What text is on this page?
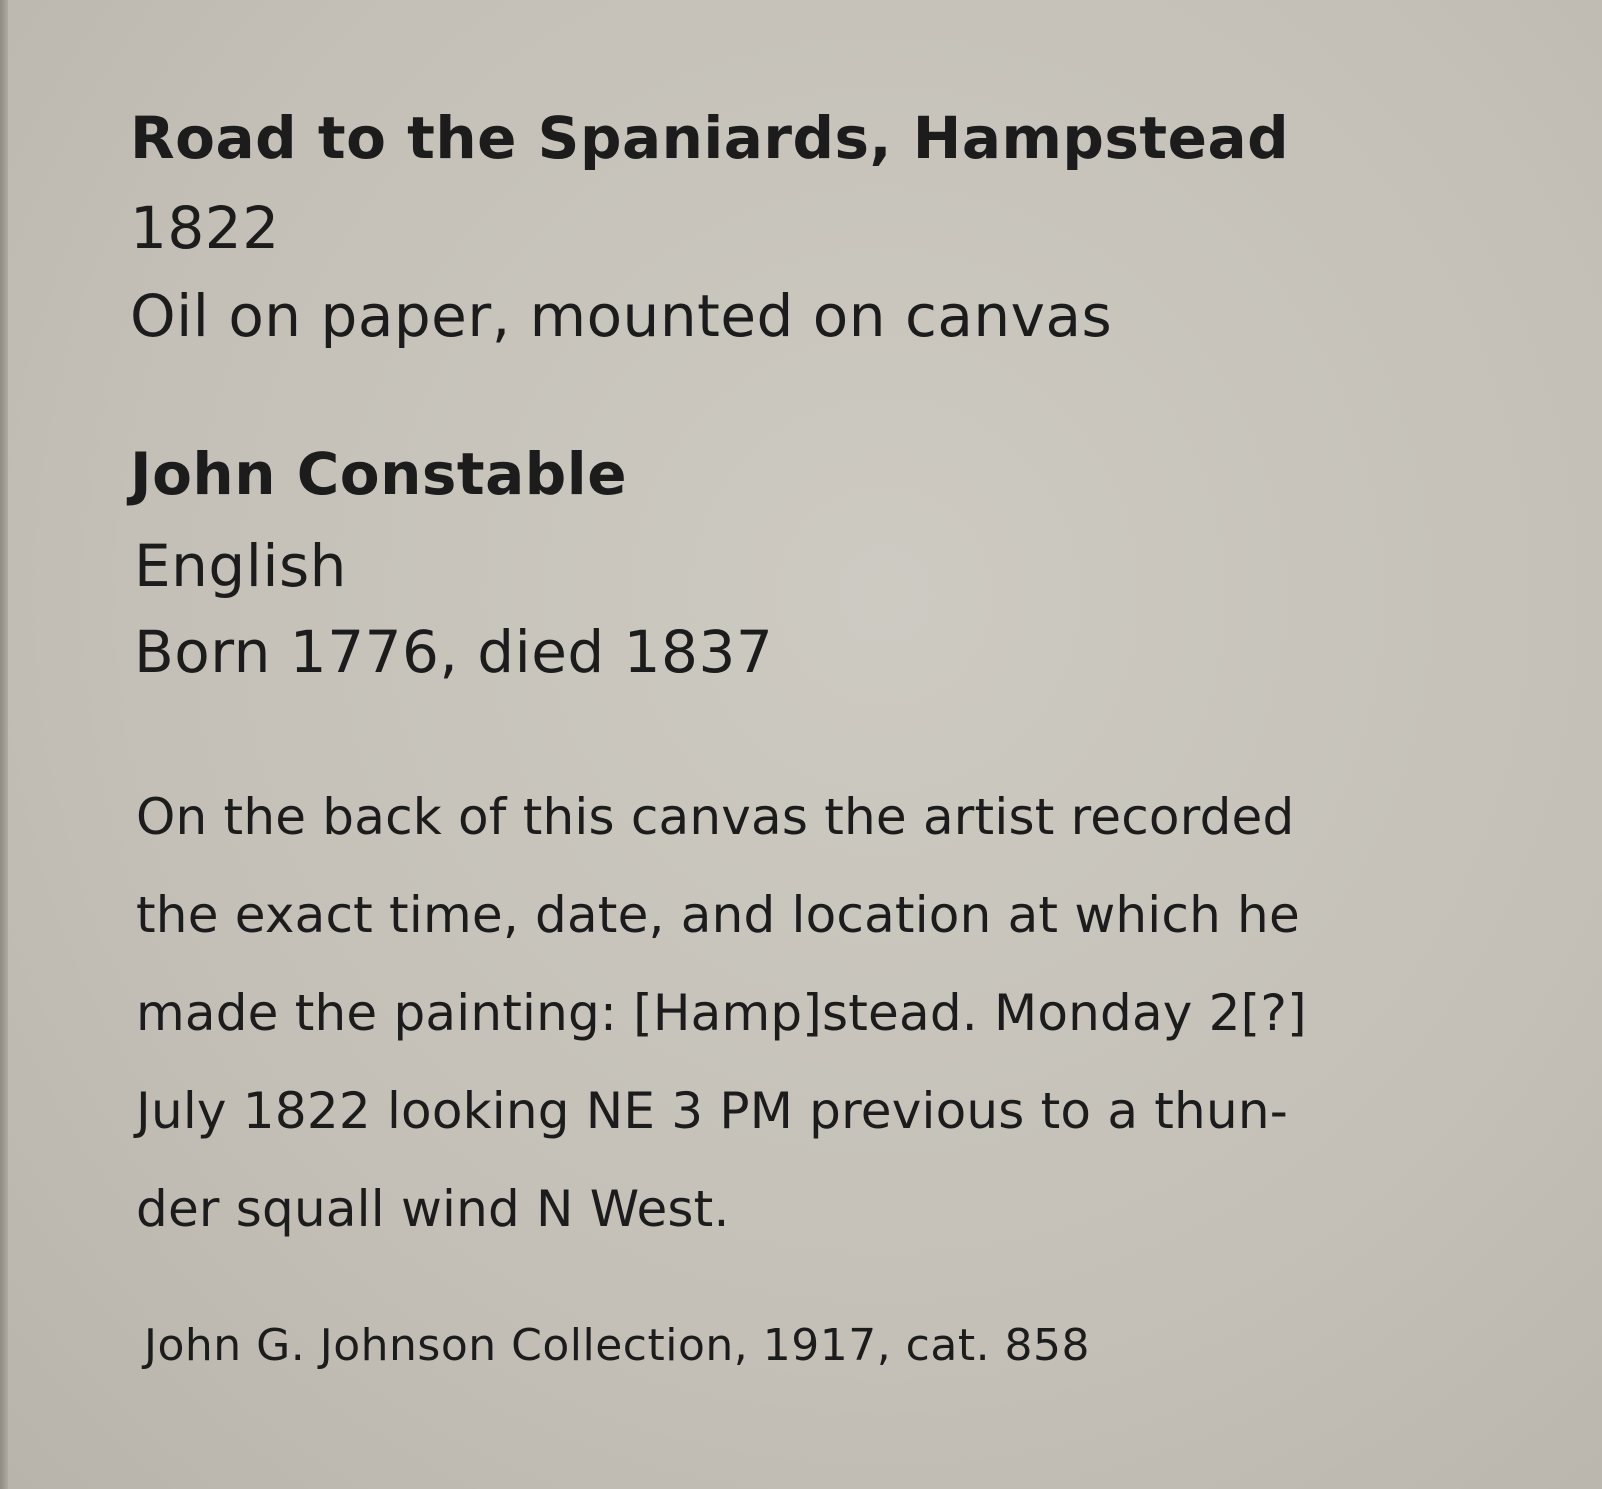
Road to the Spaniards, Hampstead
1822
Oil on paper, mounted on canvas
John Constable
English
Born 1776, died 1837

On the back of this canvas the artist recorded
the exact time, date, and location at which he
made the painting: [Hamp]stead. Monday 2[?]
July 1822 looking NE 3 PM previous to a thun-
der squall wind N West.

John G. Johnson Collection, 1917, cat. 858
